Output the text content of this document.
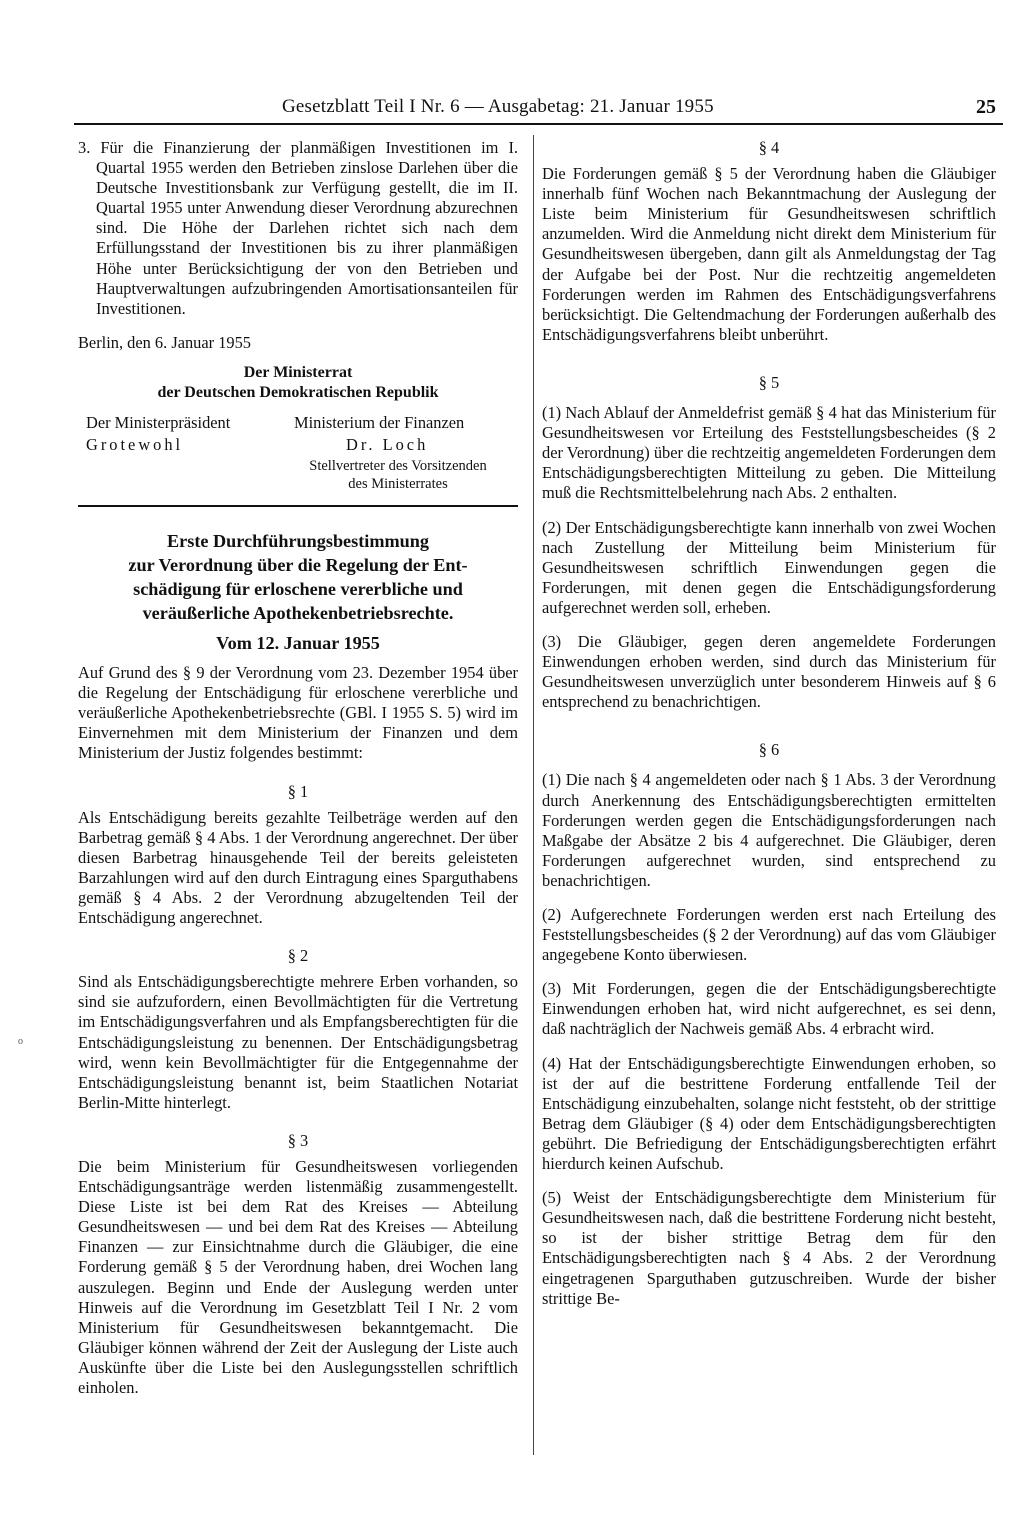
Gesetzblatt Teil I Nr. 6 — Ausgabetag: 21. Januar 1955	25
o

3. Für die Finanzierung der planmäßigen Investitionen im I. Quartal 1955 werden den Betrieben zinslose Darlehen über die Deutsche Investitionsbank zur Verfügung gestellt, die im II. Quartal 1955 unter Anwendung dieser Verordnung abzurechnen sind. Die Höhe der Darlehen richtet sich nach dem Erfüllungsstand der Investitionen bis zu ihrer planmäßigen Höhe unter Berücksichtigung der von den Betrieben und Hauptverwaltungen aufzubringenden Amortisationsanteilen für Investitionen.

Berlin, den 6. Januar 1955

Der Ministerrat

der Deutschen Demokratischen Republik

Der Ministerpräsident	Ministerium der Finanzen
Grotewohl	Dr. Loch
Stellvertreter des Vorsitzenden
des Ministerrates
Erste Durchführungsbestimmung
zur Verordnung über die Regelung der Ent-
schädigung für erloschene vererbliche und
veräußerliche Apothekenbetriebsrechte.

Vom 12. Januar 1955

Auf Grund des § 9 der Verordnung vom 23. Dezember 1954 über die Regelung der Entschädigung für erloschene vererbliche und veräußerliche Apothekenbetriebsrechte (GBl. I 1955 S. 5) wird im Einvernehmen mit dem Ministerium der Finanzen und dem Ministerium der Justiz folgendes bestimmt:

§ 1

Als Entschädigung bereits gezahlte Teilbeträge werden auf den Barbetrag gemäß § 4 Abs. 1 der Verordnung angerechnet. Der über diesen Barbetrag hinausgehende Teil der bereits geleisteten Barzahlungen wird auf den durch Eintragung eines Sparguthabens gemäß § 4 Abs. 2 der Verordnung abzugeltenden Teil der Entschädigung angerechnet.

§ 2

Sind als Entschädigungsberechtigte mehrere Erben vorhanden, so sind sie aufzufordern, einen Bevollmächtigten für die Vertretung im Entschädigungsverfahren und als Empfangsberechtigten für die Entschädigungsleistung zu benennen. Der Entschädigungsbetrag wird, wenn kein Bevollmächtigter für die Entgegennahme der Entschädigungsleistung benannt ist, beim Staatlichen Notariat Berlin-Mitte hinterlegt.

§ 3

Die beim Ministerium für Gesundheitswesen vorliegenden Entschädigungsanträge werden listenmäßig zusammengestellt. Diese Liste ist bei dem Rat des Kreises — Abteilung Gesundheitswesen — und bei dem Rat des Kreises — Abteilung Finanzen — zur Einsichtnahme durch die Gläubiger, die eine Forderung gemäß § 5 der Verordnung haben, drei Wochen lang auszulegen. Beginn und Ende der Auslegung werden unter Hinweis auf die Verordnung im Gesetzblatt Teil I Nr. 2 vom Ministerium für Gesundheitswesen bekanntgemacht. Die Gläubiger können während der Zeit der Auslegung der Liste auch Auskünfte über die Liste bei den Auslegungsstellen schriftlich einholen.

§ 4

Die Forderungen gemäß § 5 der Verordnung haben die Gläubiger innerhalb fünf Wochen nach Bekanntmachung der Auslegung der Liste beim Ministerium für Gesundheitswesen schriftlich anzumelden. Wird die Anmeldung nicht direkt dem Ministerium für Gesundheitswesen übergeben, dann gilt als Anmeldungstag der Tag der Aufgabe bei der Post. Nur die rechtzeitig angemeldeten Forderungen werden im Rahmen des Entschädigungsverfahrens berücksichtigt. Die Geltendmachung der Forderungen außerhalb des Entschädigungsverfahrens bleibt unberührt.

§ 5

(1) Nach Ablauf der Anmeldefrist gemäß § 4 hat das Ministerium für Gesundheitswesen vor Erteilung des Feststellungsbescheides (§ 2 der Verordnung) über die rechtzeitig angemeldeten Forderungen dem Entschädigungsberechtigten Mitteilung zu geben. Die Mitteilung muß die Rechtsmittelbelehrung nach Abs. 2 enthalten.

(2) Der Entschädigungsberechtigte kann innerhalb von zwei Wochen nach Zustellung der Mitteilung beim Ministerium für Gesundheitswesen schriftlich Einwendungen gegen die Forderungen, mit denen gegen die Entschädigungsforderung aufgerechnet werden soll, erheben.

(3) Die Gläubiger, gegen deren angemeldete Forderungen Einwendungen erhoben werden, sind durch das Ministerium für Gesundheitswesen unverzüglich unter besonderem Hinweis auf § 6 entsprechend zu benachrichtigen.

§ 6

(1) Die nach § 4 angemeldeten oder nach § 1 Abs. 3 der Verordnung durch Anerkennung des Entschädigungsberechtigten ermittelten Forderungen werden gegen die Entschädigungsforderungen nach Maßgabe der Absätze 2 bis 4 aufgerechnet. Die Gläubiger, deren Forderungen aufgerechnet wurden, sind entsprechend zu benachrichtigen.

(2) Aufgerechnete Forderungen werden erst nach Erteilung des Feststellungsbescheides (§ 2 der Verordnung) auf das vom Gläubiger angegebene Konto überwiesen.

(3) Mit Forderungen, gegen die der Entschädigungsberechtigte Einwendungen erhoben hat, wird nicht aufgerechnet, es sei denn, daß nachträglich der Nachweis gemäß Abs. 4 erbracht wird.

(4) Hat der Entschädigungsberechtigte Einwendungen erhoben, so ist der auf die bestrittene Forderung entfallende Teil der Entschädigung einzubehalten, solange nicht feststeht, ob der strittige Betrag dem Gläubiger (§ 4) oder dem Entschädigungsberechtigten gebührt. Die Befriedigung der Entschädigungsberechtigten erfährt hierdurch keinen Aufschub.

(5) Weist der Entschädigungsberechtigte dem Ministerium für Gesundheitswesen nach, daß die bestrittene Forderung nicht besteht, so ist der bisher strittige Betrag dem für den Entschädigungsberechtigten nach § 4 Abs. 2 der Verordnung eingetragenen Sparguthaben gutzuschreiben. Wurde der bisher strittige Be-
